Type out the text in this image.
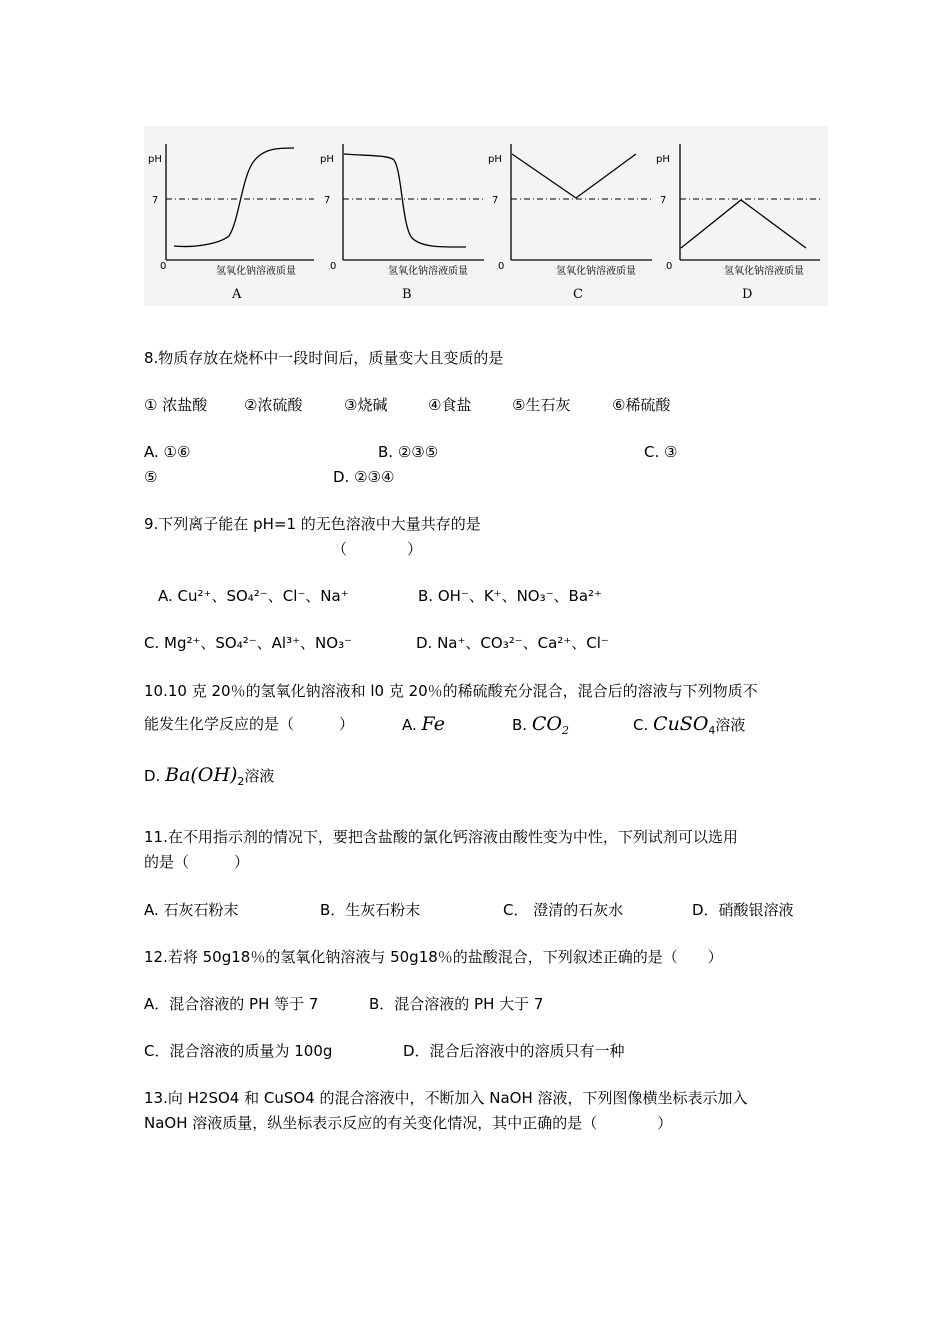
pH
7
0	氢氧化钠溶液质量
A
pH
7
0	氢氧化钠溶液质量
B
pH
7
0	氢氧化钠溶液质量
C
pH
7
0	氢氧化钠溶液质量
D
8.物质存放在烧杯中一段时间后，质量变大且变质的是
① 浓盐酸 ②浓硫酸	③烧碱	④食盐	⑤生石灰	⑥稀硫酸
A. ①⑥	B. ②③⑤	C. ③
⑤	D. ②③④
9.下列离子能在 pH=1 的无色溶液中大量共存的是
（　　　　）
A. Cu²⁺、SO₄²⁻、Cl⁻、Na⁺	B. OH⁻、K⁺、NO₃⁻、Ba²⁺
C. Mg²⁺、SO₄²⁻、Al³⁺、NO₃⁻	D. Na⁺、CO₃²⁻、Ca²⁺、Cl⁻
10.10 克 20％的氢氧化钠溶液和 l0 克 20％的稀硫酸充分混合，混合后的溶液与下列物质不
能发生化学反应的是（　　　）	A. Fe	B. $CO_2$	C. CuSO$_4$溶液
D. $Ba(OH)_2$溶液
11.在不用指示剂的情况下，要把含盐酸的氯化钙溶液由酸性变为中性，下列试剂可以选用
的是（　　　）
A. 石灰石粉末	B．生灰石粉末	C． 澄清的石灰水	D．硝酸银溶液
12.若将 50g18％的氢氧化钠溶液与 50g18％的盐酸混合，下列叙述正确的是（　　）
A．混合溶液的 PH 等于 7	B．混合溶液的 PH 大于 7
C．混合溶液的质量为 100g	D．混合后溶液中的溶质只有一种
13.向 H2SO4 和 CuSO4 的混合溶液中，不断加入 NaOH 溶液，下列图像横坐标表示加入
NaOH 溶液质量，纵坐标表示反应的有关变化情况，其中正确的是（　　　　）
